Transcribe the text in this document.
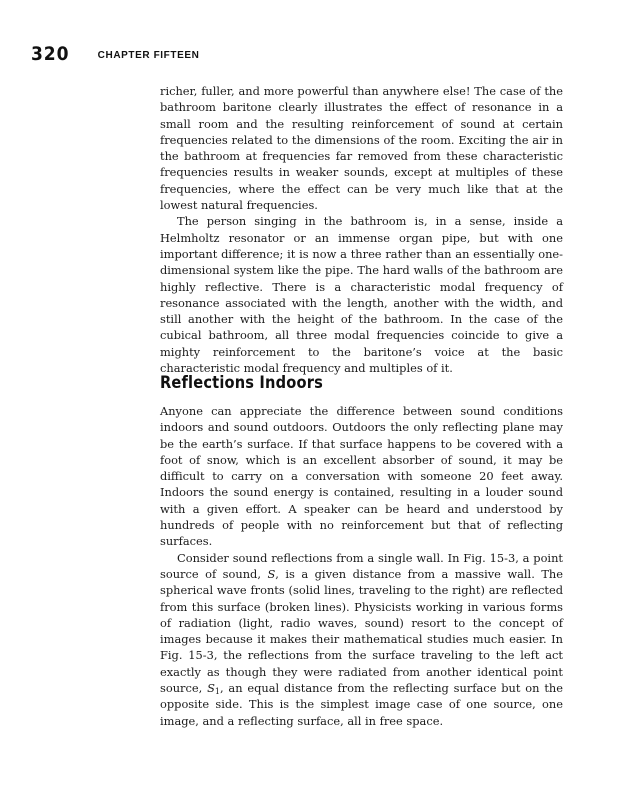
320	CHAPTER FIFTEEN

richer, fuller, and more powerful than anywhere else! The case of the bathroom baritone clearly illustrates the effect of resonance in a small room and the resulting reinforcement of sound at certain frequencies related to the dimensions of the room. Exciting the air in the bathroom at frequencies far removed from these characteristic frequencies results in weaker sounds, except at multiples of these frequencies, where the effect can be very much like that at the lowest natural frequencies.

The person singing in the bathroom is, in a sense, inside a Helmholtz resonator or an immense organ pipe, but with one important difference; it is now a three rather than an essentially one-dimensional system like the pipe. The hard walls of the bathroom are highly reflective. There is a characteristic modal frequency of resonance associated with the length, another with the width, and still another with the height of the bathroom. In the case of the cubical bathroom, all three modal frequencies coincide to give a mighty reinforcement to the baritone’s voice at the basic characteristic modal frequency and multiples of it.

Reflections Indoors

Anyone can appreciate the difference between sound conditions indoors and sound outdoors. Outdoors the only reflecting plane may be the earth’s surface. If that surface happens to be covered with a foot of snow, which is an excellent absorber of sound, it may be difficult to carry on a conversation with someone 20 feet away. Indoors the sound energy is contained, resulting in a louder sound with a given effort. A speaker can be heard and understood by hundreds of people with no reinforcement but that of reflecting surfaces.

Consider sound reflections from a single wall. In Fig. 15-3, a point source of sound, S, is a given distance from a massive wall. The spherical wave fronts (solid lines, traveling to the right) are reflected from this surface (broken lines). Physicists working in various forms of radiation (light, radio waves, sound) resort to the concept of images because it makes their mathematical studies much easier. In Fig. 15-3, the reflections from the surface traveling to the left act exactly as though they were radiated from another identical point source, $S_1$, an equal distance from the reflecting surface but on the opposite side. This is the simplest image case of one source, one image, and a reflecting surface, all in free space.
